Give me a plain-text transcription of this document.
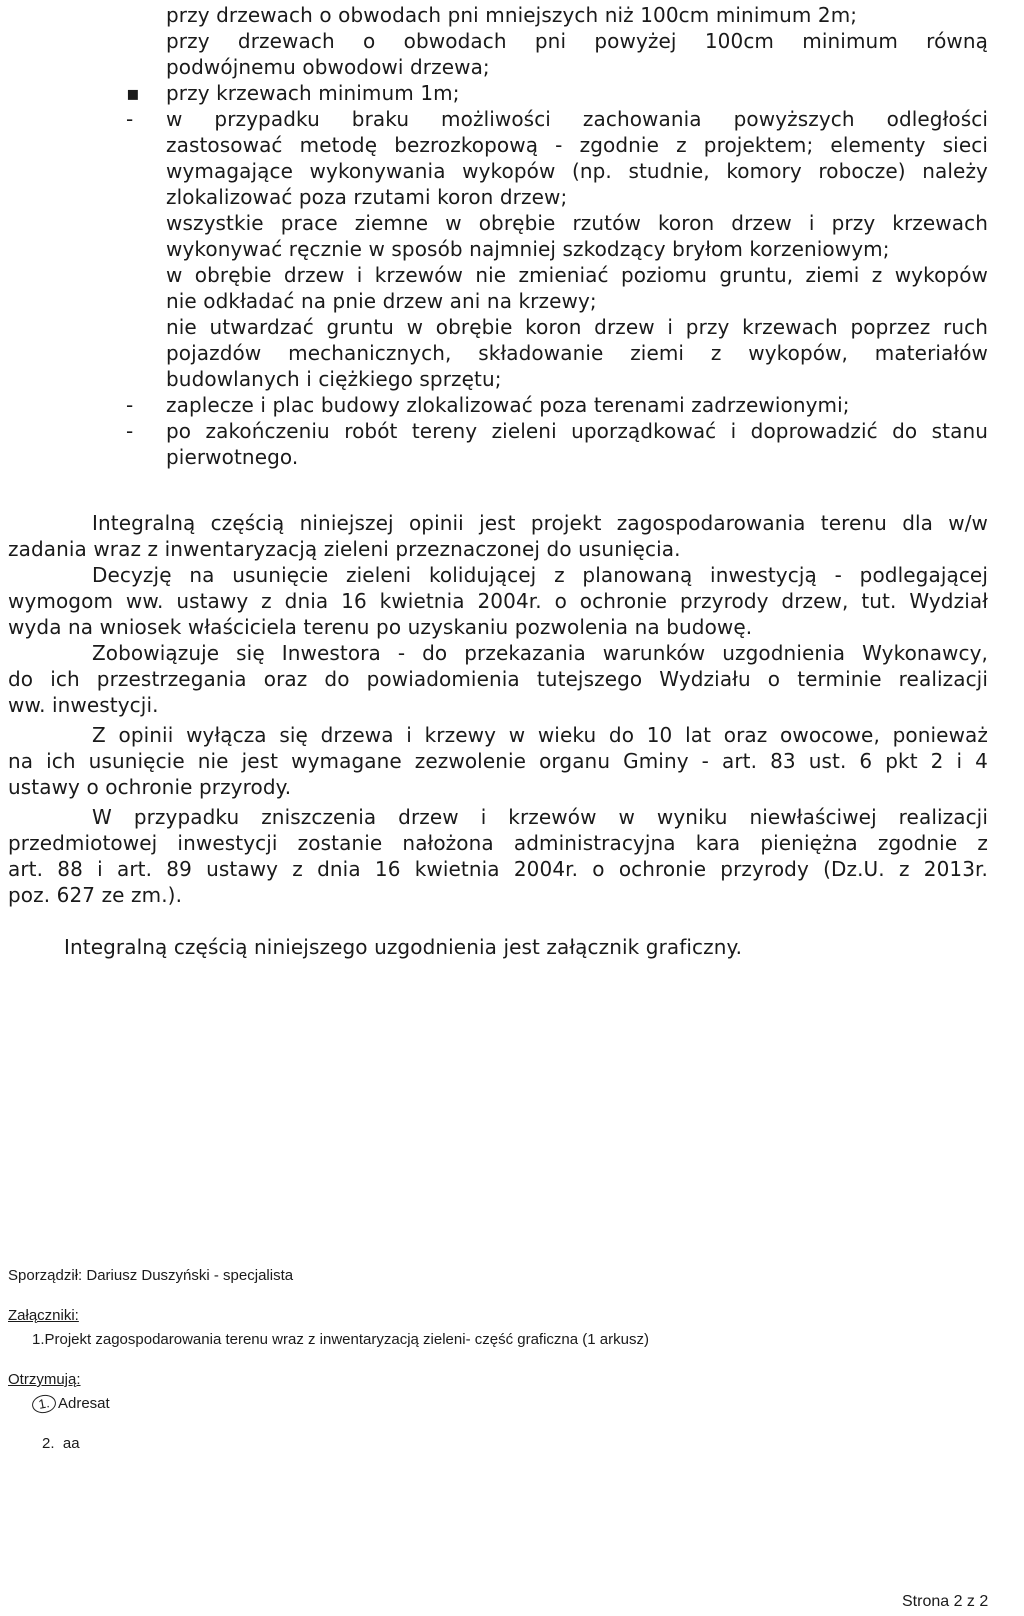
▪
-
-
-
przy drzewach o obwodach pni mniejszych niż 100cm minimum 2m;
przy drzewach o obwodach pni powyżej 100cm minimum równą
podwójnemu obwodowi drzewa;
przy krzewach minimum 1m;
w przypadku braku możliwości zachowania powyższych odległości
zastosować metodę bezrozkopową - zgodnie z projektem; elementy sieci
wymagające wykonywania wykopów (np. studnie, komory robocze) należy
zlokalizować poza rzutami koron drzew;
wszystkie prace ziemne w obrębie rzutów koron drzew i przy krzewach
wykonywać ręcznie w sposób najmniej szkodzący bryłom korzeniowym;
w obrębie drzew i krzewów nie zmieniać poziomu gruntu, ziemi z wykopów
nie odkładać na pnie drzew ani na krzewy;
nie utwardzać gruntu w obrębie koron drzew i przy krzewach poprzez ruch
pojazdów mechanicznych, składowanie ziemi z wykopów, materiałów
budowlanych i ciężkiego sprzętu;
zaplecze i plac budowy zlokalizować poza terenami zadrzewionymi;
po zakończeniu robót tereny zieleni uporządkować i doprowadzić do stanu
pierwotnego.
Integralną częścią niniejszej opinii jest projekt zagospodarowania terenu dla w/w
zadania wraz z inwentaryzacją zieleni przeznaczonej do usunięcia.
Decyzję na usunięcie zieleni kolidującej z planowaną inwestycją - podlegającej
wymogom ww. ustawy z dnia 16 kwietnia 2004r. o ochronie przyrody drzew, tut. Wydział
wyda na wniosek właściciela terenu po uzyskaniu pozwolenia na budowę.
Zobowiązuje się Inwestora - do przekazania warunków uzgodnienia Wykonawcy,
do ich przestrzegania oraz do powiadomienia tutejszego Wydziału o terminie realizacji
ww. inwestycji.
Z opinii wyłącza się drzewa i krzewy w wieku do 10 lat oraz owocowe, ponieważ
na ich usunięcie nie jest wymagane zezwolenie organu Gminy - art. 83 ust. 6 pkt 2 i 4
ustawy o ochronie przyrody.
W przypadku zniszczenia drzew i krzewów w wyniku niewłaściwej realizacji
przedmiotowej inwestycji zostanie nałożona administracyjna kara pieniężna zgodnie z
art. 88 i art. 89 ustawy z dnia 16 kwietnia 2004r. o ochronie przyrody (Dz.U. z 2013r.
poz. 627 ze zm.).
Integralną częścią niniejszego uzgodnienia jest załącznik graficzny.
Sporządził: Dariusz Duszyński - specjalista
Załączniki:
1.Projekt zagospodarowania terenu wraz z inwentaryzacją zieleni- część graficzna (1 arkusz)
Otrzymują:
1. Adresat
2. aa
Strona 2 z 2
